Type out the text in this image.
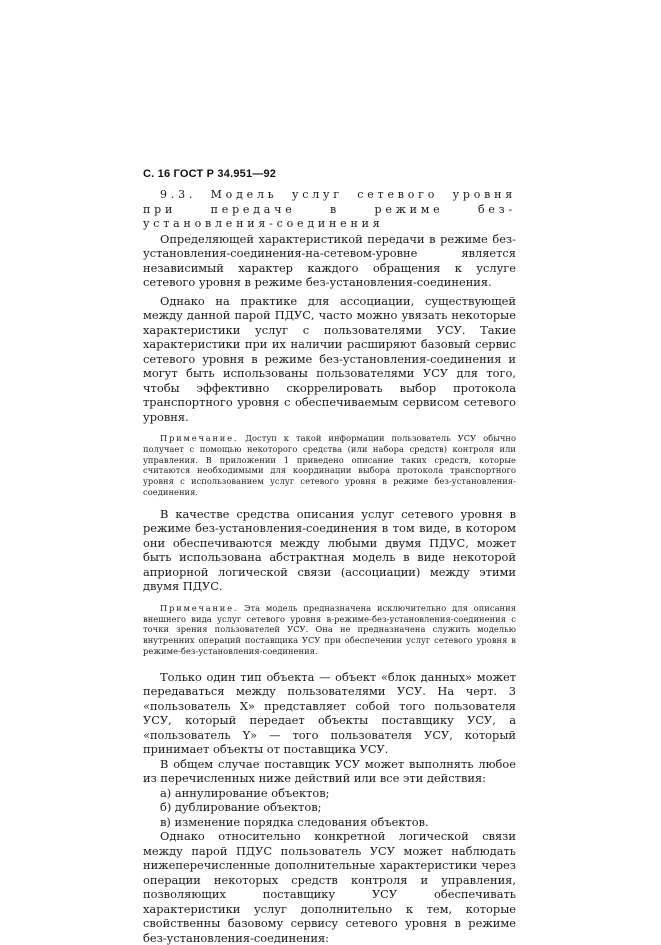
С. 16 ГОСТ Р 34.951—92

9.3. Модель услуг сетевого уровня при передаче в режиме без-установления-соединения

Определяющей характеристикой передачи в режиме без-установления-соединения-на-сетевом-уровне является независимый характер каждого обращения к услуге сетевого уровня в режиме без-установления-соединения.

Однако на практике для ассоциации, существующей между данной парой ПДУС, часто можно увязать некоторые характеристики услуг с пользователями УСУ. Такие характеристики при их наличии расширяют базовый сервис сетевого уровня в режиме без-установления-соединения и могут быть использованы пользователями УСУ для того, чтобы эффективно скоррелировать выбор протокола транспортного уровня с обеспечиваемым сервисом сетевого уровня.

Примечание. Доступ к такой информации пользователь УСУ обычно получает с помощью некоторого средства (или набора средств) контроля или управления. В приложении 1 приведено описание таких средств, которые считаются необходимыми для координации выбора протокола транспортного уровня с использованием услуг сетевого уровня в режиме без-установления-соединения.

В качестве средства описания услуг сетевого уровня в режиме без-установления-соединения в том виде, в котором они обеспечиваются между любыми двумя ПДУС, может быть использована абстрактная модель в виде некоторой априорной логической связи (ассоциации) между этими двумя ПДУС.

Примечание. Эта модель предназначена исключительно для описания внешнего вида услуг сетевого уровня в-режиме-без-установления-соединения с точки зрения пользователей УСУ. Она не предназначена служить моделью внутренних операций поставщика УСУ при обеспечении услуг сетевого уровня в режиме-без-установления-соединения.

Только один тип объекта — объект «блок данных» может передаваться между пользователями УСУ. На черт. 3 «пользователь X» представляет собой того пользователя УСУ, который передает объекты поставщику УСУ, а «пользователь Y» — того пользователя УСУ, который принимает объекты от поставщика УСУ.

В общем случае поставщик УСУ может выполнять любое из перечисленных ниже действий или все эти действия:

а) аннулирование объектов;

б) дублирование объектов;

в) изменение порядка следования объектов.

Однако относительно конкретной логической связи между парой ПДУС пользователь УСУ может наблюдать нижеперечисленные дополнительные характеристики через операции некоторых средств контроля и управления, позволяющих поставщику УСУ обеспечивать характеристики услуг дополнительно к тем, которые свойственны базовому сервису сетевого уровня в режиме без-установления-соединения:
